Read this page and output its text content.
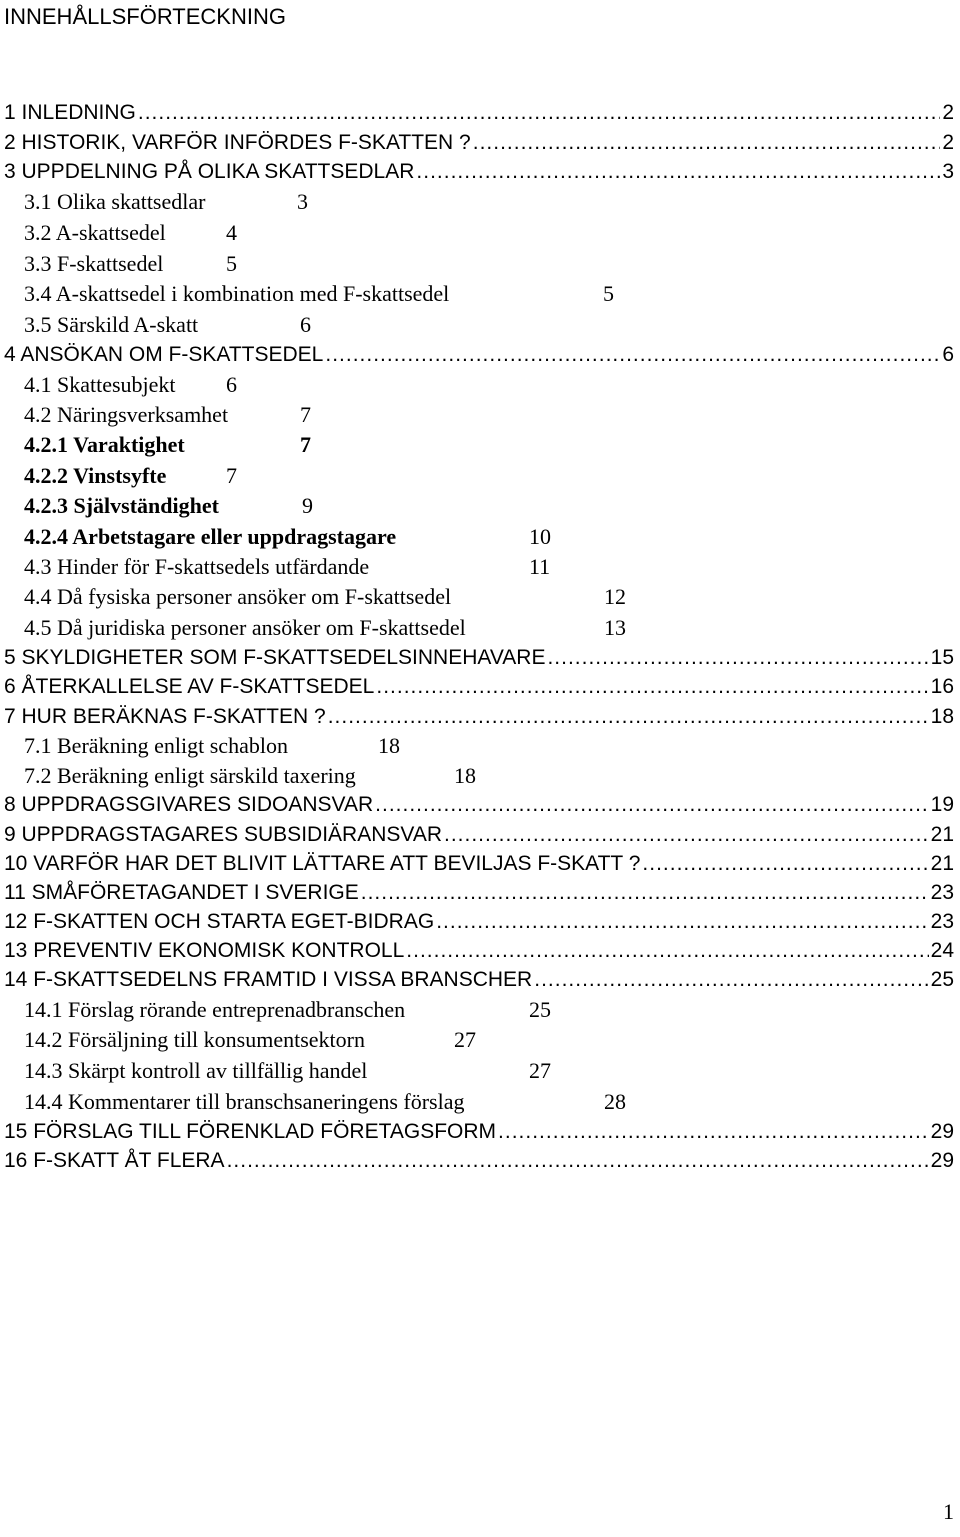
INNEHÅLLSFÖRTECKNING
1 INLEDNING .....	2
2 HISTORIK, VARFÖR INFÖRDES F-SKATTEN ? .....	2
3 UPPDELNING PÅ OLIKA SKATTSEDLAR .....	3
3.1 Olika skattsedlar	3
3.2 A-skattsedel	4
3.3 F-skattsedel	5
3.4 A-skattsedel i kombination med F-skattsedel	5
3.5 Särskild A-skatt	6
4 ANSÖKAN OM F-SKATTSEDEL .....	6
4.1 Skattesubjekt 6
4.2 Näringsverksamhet	7
4.2.1 Varaktighet	7
4.2.2 Vinstsyfte	7
4.2.3 Självständighet	9
4.2.4 Arbetstagare eller uppdragstagare	10
4.3 Hinder för F-skattsedels utfärdande	11
4.4 Då fysiska personer ansöker om F-skattsedel	12
4.5 Då juridiska personer ansöker om F-skattsedel	13
5 SKYLDIGHETER SOM F-SKATTSEDELSINNEHAVARE .....	15
6 ÅTERKALLELSE AV F-SKATTSEDEL .....	16
7 HUR BERÄKNAS F-SKATTEN ? .....	18
7.1 Beräkning enligt schablon	18
7.2 Beräkning enligt särskild taxering	18
8 UPPDRAGSGIVARES SIDOANSVAR .....	19
9 UPPDRAGSTAGARES SUBSIDIÄRANSVAR .....	21
10 VARFÖR HAR DET BLIVIT LÄTTARE ATT BEVILJAS F-SKATT ? .....	21
11 SMÅFÖRETAGANDET I SVERIGE .....	23
12 F-SKATTEN OCH STARTA EGET-BIDRAG .....	23
13 PREVENTIV EKONOMISK KONTROLL .....	24
14 F-SKATTSEDELNS FRAMTID I VISSA BRANSCHER .....	25
14.1 Förslag rörande entreprenadbranschen	25
14.2 Försäljning till konsumentsektorn	27
14.3 Skärpt kontroll av tillfällig handel	27
14.4 Kommentarer till branschsaneringens förslag	28
15 FÖRSLAG TILL FÖRENKLAD FÖRETAGSFORM .....	29
16 F-SKATT ÅT FLERA .....	29
1
